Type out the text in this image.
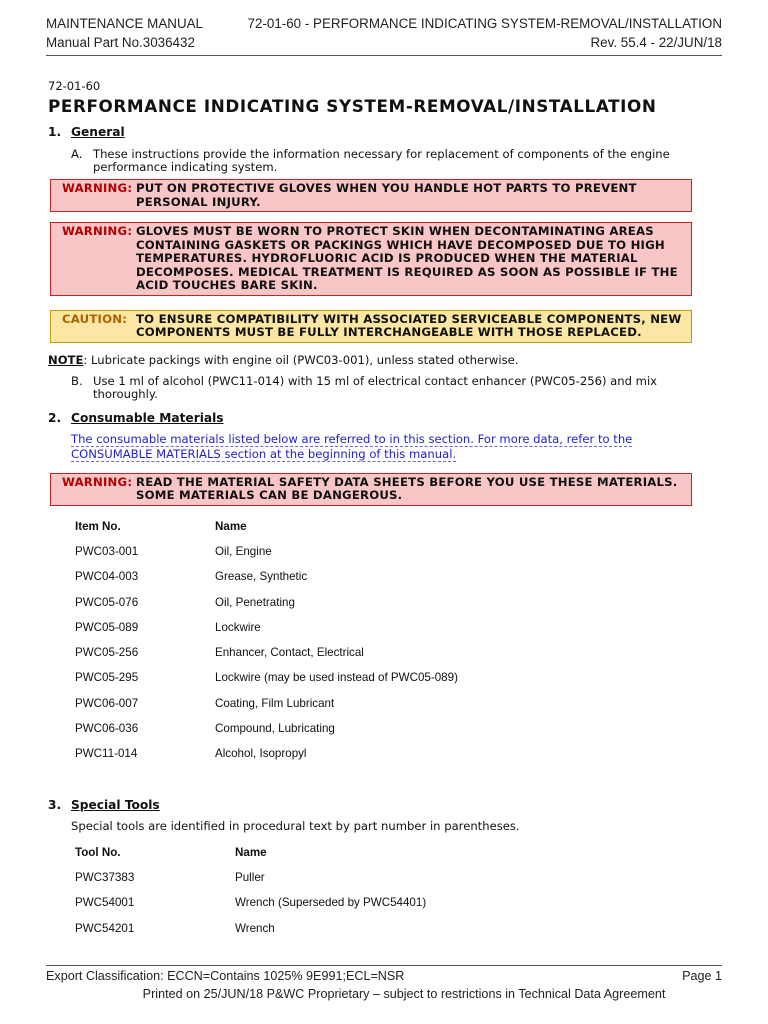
MAINTENANCE MANUAL	72-01-60 - PERFORMANCE INDICATING SYSTEM-REMOVAL/INSTALLATION
Manual Part No.3036432	Rev. 55.4 - 22/JUN/18
72-01-60
PERFORMANCE INDICATING SYSTEM-REMOVAL/INSTALLATION
1. General
A. These instructions provide the information necessary for replacement of components of the engine performance indicating system.
WARNING: PUT ON PROTECTIVE GLOVES WHEN YOU HANDLE HOT PARTS TO PREVENT PERSONAL INJURY.
WARNING: GLOVES MUST BE WORN TO PROTECT SKIN WHEN DECONTAMINATING AREAS CONTAINING GASKETS OR PACKINGS WHICH HAVE DECOMPOSED DUE TO HIGH TEMPERATURES. HYDROFLUORIC ACID IS PRODUCED WHEN THE MATERIAL DECOMPOSES. MEDICAL TREATMENT IS REQUIRED AS SOON AS POSSIBLE IF THE ACID TOUCHES BARE SKIN.
CAUTION: TO ENSURE COMPATIBILITY WITH ASSOCIATED SERVICEABLE COMPONENTS, NEW COMPONENTS MUST BE FULLY INTERCHANGEABLE WITH THOSE REPLACED.
NOTE: Lubricate packings with engine oil (PWC03-001), unless stated otherwise.
B. Use 1 ml of alcohol (PWC11-014) with 15 ml of electrical contact enhancer (PWC05-256) and mix thoroughly.
2. Consumable Materials
The consumable materials listed below are referred to in this section. For more data, refer to the CONSUMABLE MATERIALS section at the beginning of this manual.
WARNING: READ THE MATERIAL SAFETY DATA SHEETS BEFORE YOU USE THESE MATERIALS. SOME MATERIALS CAN BE DANGEROUS.
Item No.	Name
PWC03-001	Oil, Engine
PWC04-003	Grease, Synthetic
PWC05-076	Oil, Penetrating
PWC05-089	Lockwire
PWC05-256	Enhancer, Contact, Electrical
PWC05-295	Lockwire (may be used instead of PWC05-089)
PWC06-007	Coating, Film Lubricant
PWC06-036	Compound, Lubricating
PWC11-014	Alcohol, Isopropyl
3. Special Tools
Special tools are identified in procedural text by part number in parentheses.
Tool No.	Name
PWC37383	Puller
PWC54001	Wrench (Superseded by PWC54401)
PWC54201	Wrench
Export Classification: ECCN=Contains 1025% 9E991;ECL=NSR	Page 1
Printed on 25/JUN/18 P&WC Proprietary – subject to restrictions in Technical Data Agreement
